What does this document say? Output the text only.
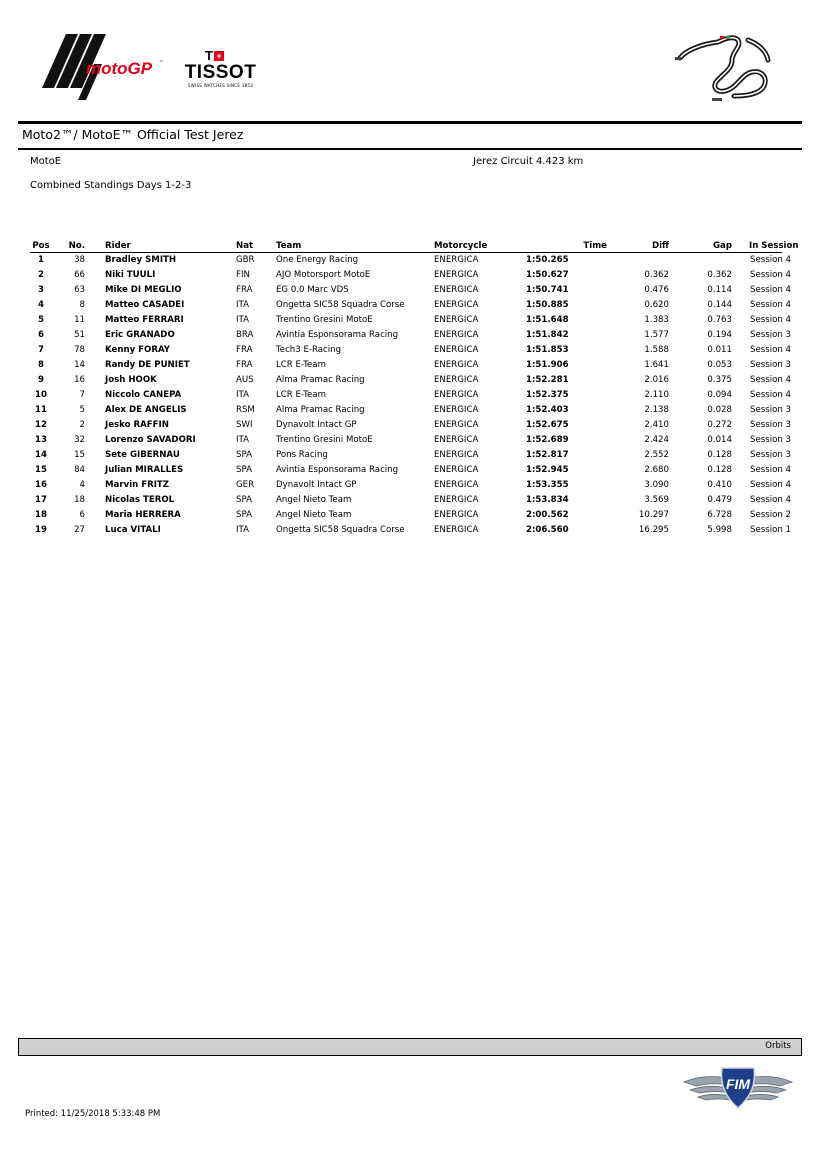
motoGP ™	T +
TISSOT
SWISS WATCHES SINCE 1853
Moto2™/ MotoE™ Official Test Jerez
MotoE	Jerez Circuit 4.423 km
Combined Standings Days 1-2-3
Pos	No.	Rider	Nat	Team	Motorcycle	Time	Diff	Gap	In Session
1	38	Bradley SMITH	GBR	One Energy Racing	ENERGICA	1:50.265			Session 4
2	66	Niki TUULI	FIN	AJO Motorsport MotoE	ENERGICA	1:50.627	0.362	0.362	Session 4
3	63	Mike DI MEGLIO	FRA	EG 0.0 Marc VDS	ENERGICA	1:50.741	0.476	0.114	Session 4
4	8	Matteo CASADEI	ITA	Ongetta SIC58 Squadra Corse	ENERGICA	1:50.885	0.620	0.144	Session 4
5	11	Matteo FERRARI	ITA	Trentino Gresini MotoE	ENERGICA	1:51.648	1.383	0.763	Session 4
6	51	Eric GRANADO	BRA	Avintia Esponsorama Racing	ENERGICA	1:51.842	1.577	0.194	Session 3
7	78	Kenny FORAY	FRA	Tech3 E-Racing	ENERGICA	1:51.853	1.588	0.011	Session 4
8	14	Randy DE PUNIET	FRA	LCR E-Team	ENERGICA	1:51.906	1.641	0.053	Session 3
9	16	Josh HOOK	AUS	Alma Pramac Racing	ENERGICA	1:52.281	2.016	0.375	Session 4
10	7	Niccolo CANEPA	ITA	LCR E-Team	ENERGICA	1:52.375	2.110	0.094	Session 4
11	5	Alex DE ANGELIS	RSM	Alma Pramac Racing	ENERGICA	1:52.403	2.138	0.028	Session 3
12	2	Jesko RAFFIN	SWI	Dynavolt Intact GP	ENERGICA	1:52.675	2.410	0.272	Session 3
13	32	Lorenzo SAVADORI	ITA	Trentino Gresini MotoE	ENERGICA	1:52.689	2.424	0.014	Session 3
14	15	Sete GIBERNAU	SPA	Pons Racing	ENERGICA	1:52.817	2.552	0.128	Session 3
15	84	Julian MIRALLES	SPA	Avintia Esponsorama Racing	ENERGICA	1:52.945	2.680	0.128	Session 4
16	4	Marvin FRITZ	GER	Dynavolt Intact GP	ENERGICA	1:53.355	3.090	0.410	Session 4
17	18	Nicolas TEROL	SPA	Angel Nieto Team	ENERGICA	1:53.834	3.569	0.479	Session 4
18	6	Maria HERRERA	SPA	Angel Nieto Team	ENERGICA	2:00.562	10.297	6.728	Session 2
19	27	Luca VITALI	ITA	Ongetta SIC58 Squadra Corse	ENERGICA	2:06.560	16.295	5.998	Session 1
Orbits
FIM
Printed: 11/25/2018 5:33:48 PM
